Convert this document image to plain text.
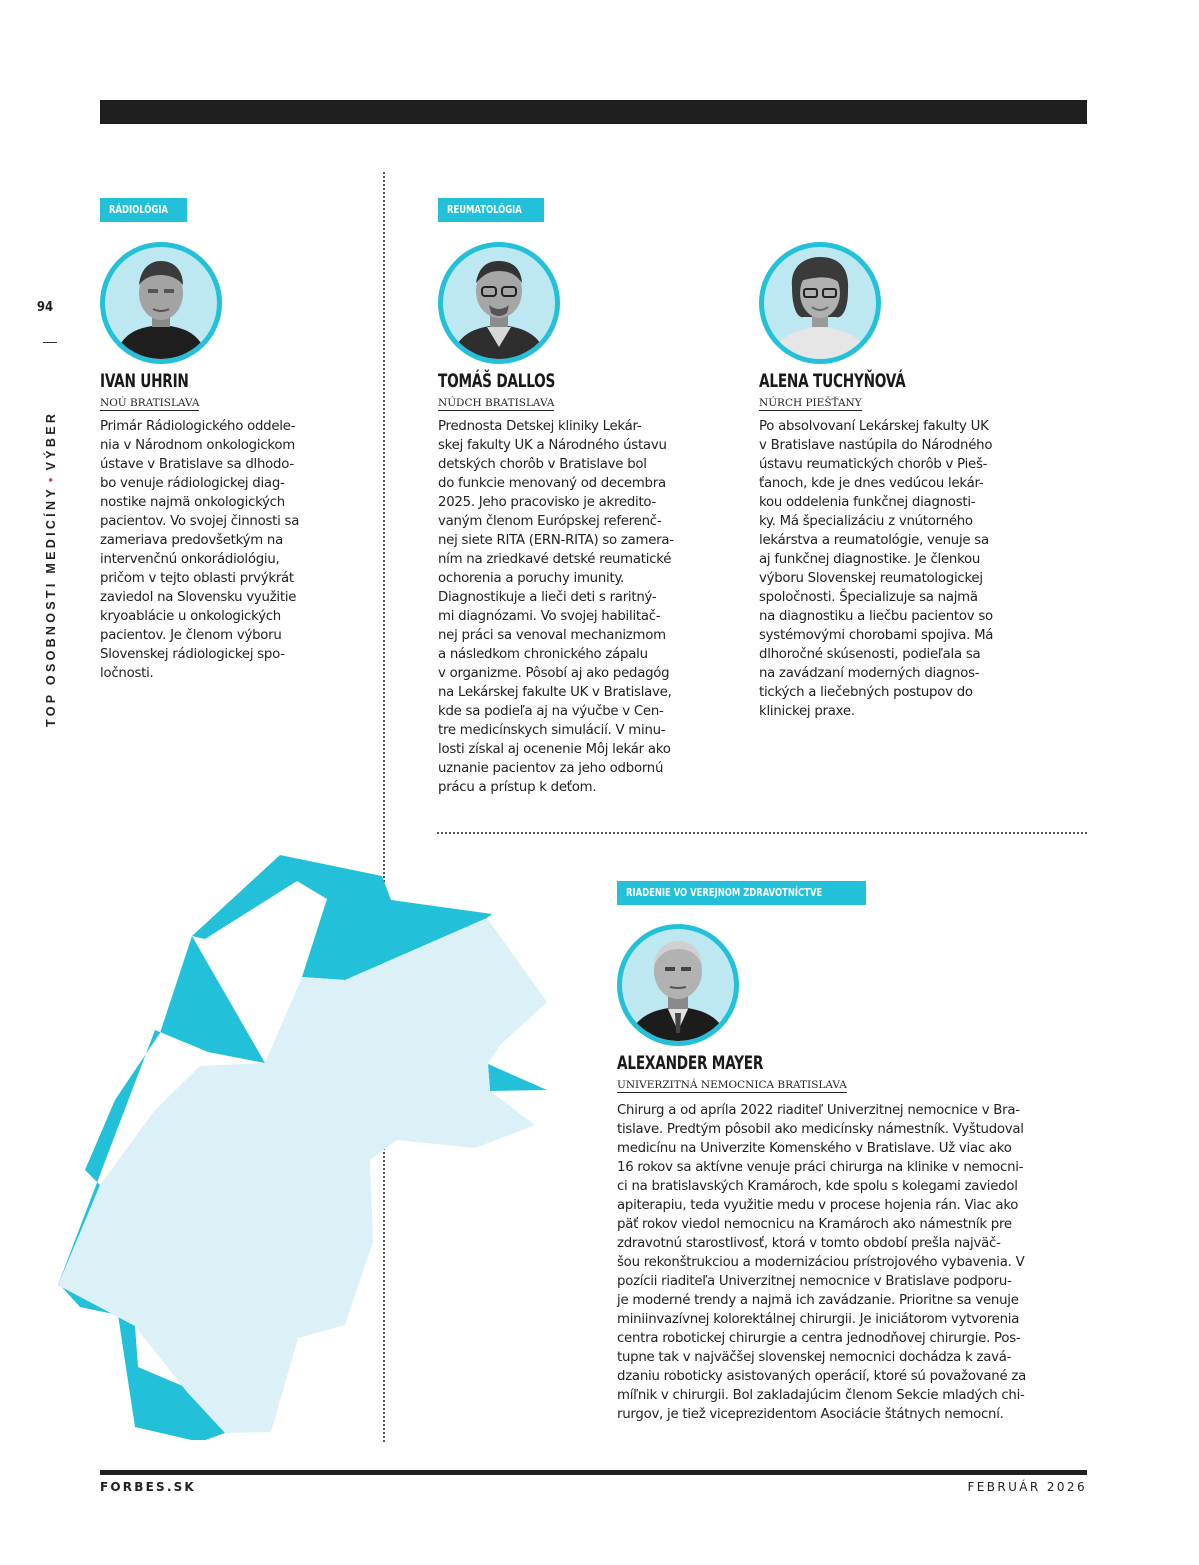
94
TOP OSOBNOSTI MEDICÍNY•VÝBER
RÁDIOLÓGIA
IVAN UHRIN
NOÚ BRATISLAVA
Primár Rádiologického oddele-
nia v Národnom onkologickom
ústave v Bratislave sa dlhodo-
bo venuje rádiologickej diag-
nostike najmä onkologických
pacientov. Vo svojej činnosti sa
zameriava predovšetkým na
intervenčnú onkorádiológiu,
pričom v tejto oblasti prvýkrát
zaviedol na Slovensku využitie
kryoablácie u onkologických
pacientov. Je členom výboru
Slovenskej rádiologickej spo-
ločnosti.
REUMATOLÓGIA
TOMÁŠ DALLOS
NÚDCH BRATISLAVA
Prednosta Detskej kliniky Lekár-
skej fakulty UK a Národného ústavu
detských chorôb v Bratislave bol
do funkcie menovaný od decembra
2025. Jeho pracovisko je akredito-
vaným členom Európskej referenč-
nej siete RITA (ERN-RITA) so zamera-
ním na zriedkavé detské reumatické
ochorenia a poruchy imunity.
Diagnostikuje a lieči deti s raritný-
mi diagnózami. Vo svojej habilitač-
nej práci sa venoval mechanizmom
a následkom chronického zápalu
v organizme. Pôsobí aj ako pedagóg
na Lekárskej fakulte UK v Bratislave,
kde sa podieľa aj na výučbe v Cen-
tre medicínskych simulácií. V minu-
losti získal aj ocenenie Môj lekár ako
uznanie pacientov za jeho odbornú
prácu a prístup k deťom.
ALENA TUCHYŇOVÁ
NÚRCH PIEŠŤANY
Po absolvovaní Lekárskej fakulty UK
v Bratislave nastúpila do Národného
ústavu reumatických chorôb v Pieš-
ťanoch, kde je dnes vedúcou lekár-
kou oddelenia funkčnej diagnosti-
ky. Má špecializáciu z vnútorného
lekárstva a reumatológie, venuje sa
aj funkčnej diagnostike. Je členkou
výboru Slovenskej reumatologickej
spoločnosti. Špecializuje sa najmä
na diagnostiku a liečbu pacientov so
systémovými chorobami spojiva. Má
dlhoročné skúsenosti, podieľala sa
na zavádzaní moderných diagnos-
tických a liečebných postupov do
klinickej praxe.
RIADENIE VO VEREJNOM ZDRAVOTNÍCTVE
ALEXANDER MAYER
UNIVERZITNÁ NEMOCNICA BRATISLAVA
Chirurg a od apríla 2022 riaditeľ Univerzitnej nemocnice v Bra-
tislave. Predtým pôsobil ako medicínsky námestník. Vyštudoval
medicínu na Univerzite Komenského v Bratislave. Už viac ako
16 rokov sa aktívne venuje práci chirurga na klinike v nemocni-
ci na bratislavských Kramároch, kde spolu s kolegami zaviedol
apiterapiu, teda využitie medu v procese hojenia rán. Viac ako
päť rokov viedol nemocnicu na Kramároch ako námestník pre
zdravotnú starostlivosť, ktorá v tomto období prešla najväč-
šou rekonštrukciou a modernizáciou prístrojového vybavenia. V
pozícii riaditeľa Univerzitnej nemocnice v Bratislave podporu-
je moderné trendy a najmä ich zavádzanie. Prioritne sa venuje
miniinvazívnej kolorektálnej chirurgii. Je iniciátorom vytvorenia
centra robotickej chirurgie a centra jednodňovej chirurgie. Pos-
tupne tak v najväčšej slovenskej nemocnici dochádza k zavá-
dzaniu roboticky asistovaných operácií, ktoré sú považované za
míľnik v chirurgii. Bol zakladajúcim členom Sekcie mladých chi-
rurgov, je tiež viceprezidentom Asociácie štátnych nemocní.
FORBES.SK	FEBRUÁR 2026
